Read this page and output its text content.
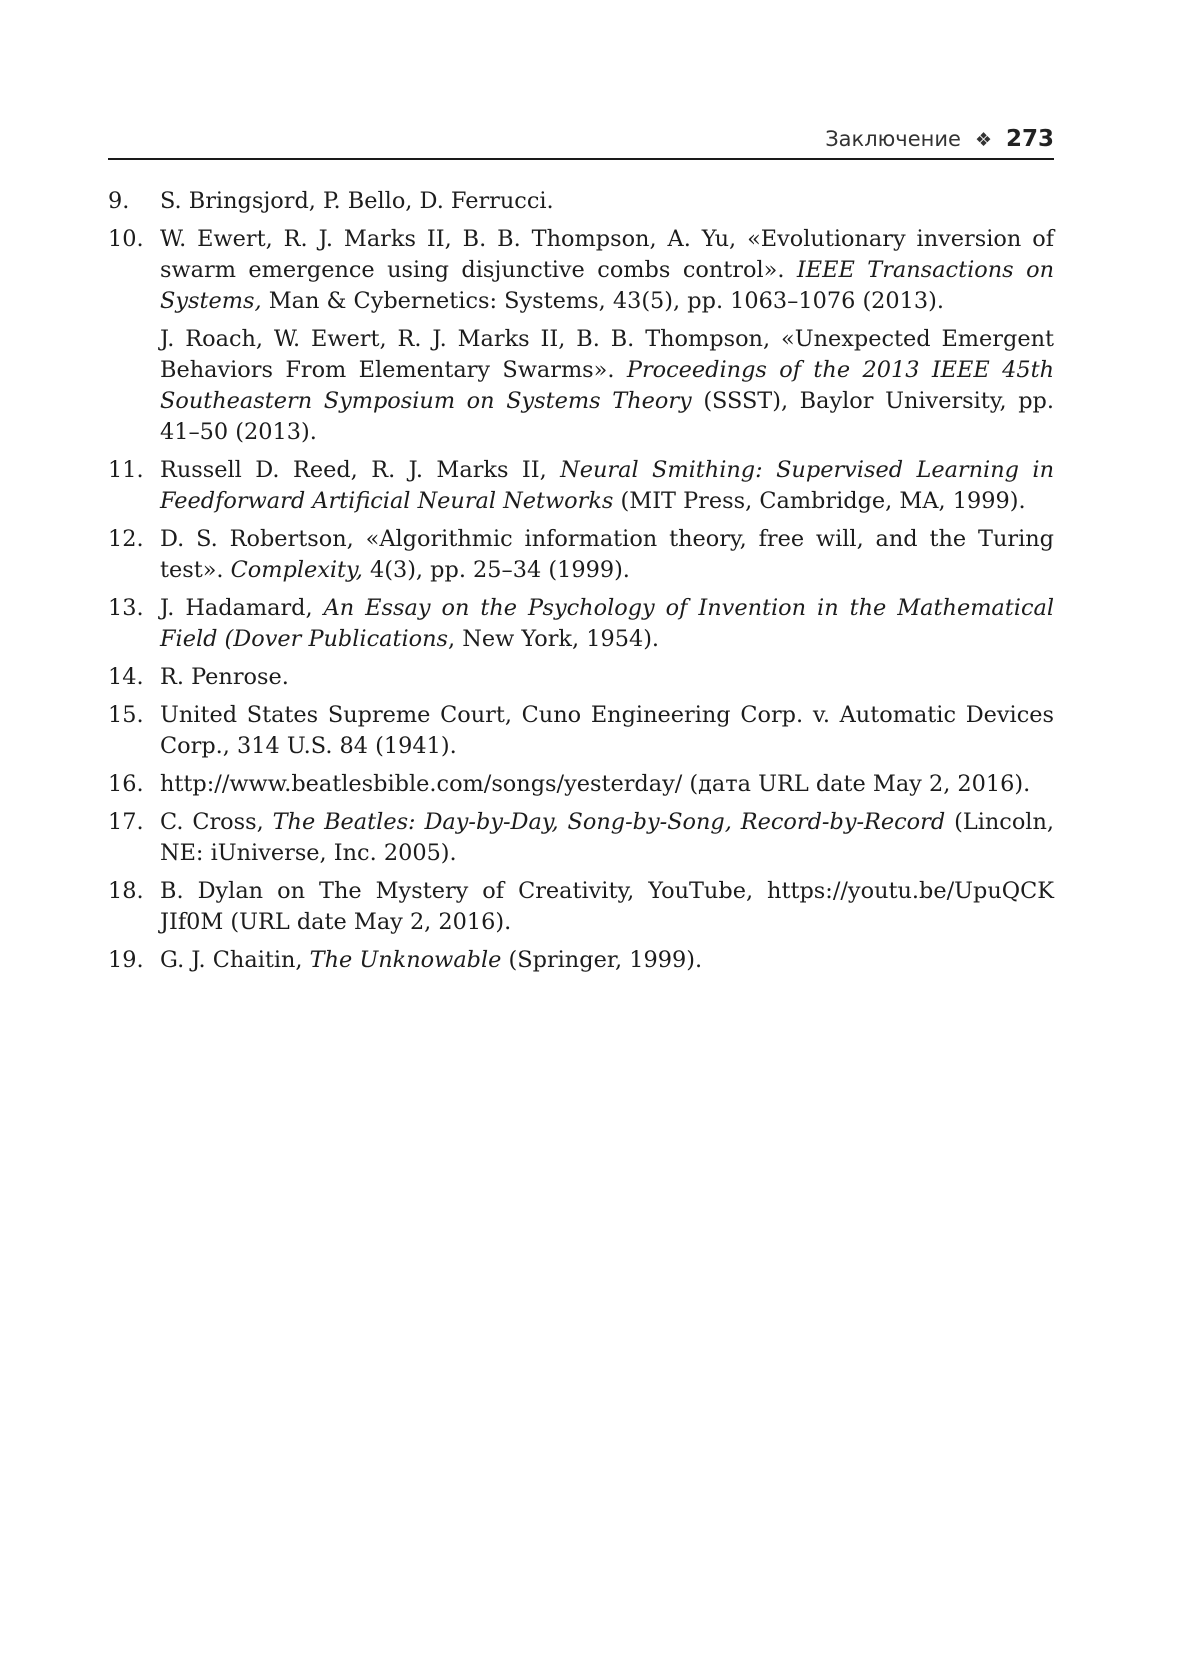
Заключение ❖ 273
9. S. Bringsjord, P. Bello, D. Ferrucci.
10. W. Ewert, R. J. Marks II, B. B. Thompson, A. Yu, «Evolutionary inversion of swarm emergence using disjunctive combs control». IEEE Transactions on Systems, Man & Cybernetics: Systems, 43(5), pp. 1063–1076 (2013).
J. Roach, W. Ewert, R. J. Marks II, B. B. Thompson, «Unexpected Emergent Behaviors From Elementary Swarms». Proceedings of the 2013 IEEE 45th Southeastern Symposium on Systems Theory (SSST), Baylor University, pp. 41–50 (2013).
11. Russell D. Reed, R. J. Marks II, Neural Smithing: Supervised Learning in Feedforward Artificial Neural Networks (MIT Press, Cambridge, MA, 1999).
12. D. S. Robertson, «Algorithmic information theory, free will, and the Turing test». Complexity, 4(3), pp. 25–34 (1999).
13. J. Hadamard, An Essay on the Psychology of Invention in the Mathematical Field (Dover Publications, New York, 1954).
14. R. Penrose.
15. United States Supreme Court, Cuno Engineering Corp. v. Automatic Devices Corp., 314 U.S. 84 (1941).
16. http://www.beatlesbible.com/songs/yesterday/ (дата URL date May 2, 2016).
17. C. Cross, The Beatles: Day-by-Day, Song-by-Song, Record-by-Record (Lincoln, NE: iUniverse, Inc. 2005).
18. B. Dylan on The Mystery of Creativity, YouTube, https://youtu.be/UpuQCK JIf0M (URL date May 2, 2016).
19. G. J. Chaitin, The Unknowable (Springer, 1999).
